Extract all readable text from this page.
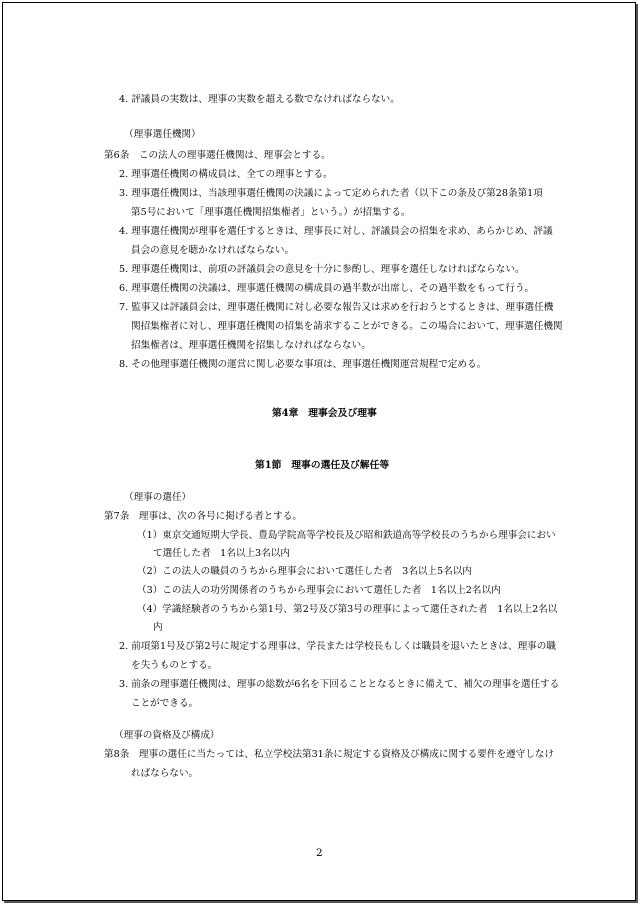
4. 評議員の実数は、理事の実数を超える数でなければならない。

（理事選任機関）

第6条　この法人の理事選任機関は、理事会とする。

2. 理事選任機関の構成員は、全ての理事とする。

3. 理事選任機関は、当該理事選任機関の決議によって定められた者（以下この条及び第28条第1項

第5号において「理事選任機関招集権者」という。）が招集する。

4. 理事選任機関が理事を選任するときは、理事長に対し、評議員会の招集を求め、あらかじめ、評議

員会の意見を聴かなければならない。

5. 理事選任機関は、前項の評議員会の意見を十分に参酌し、理事を選任しなければならない。

6. 理事選任機関の決議は、理事選任機関の構成員の過半数が出席し、その過半数をもって行う。

7. 監事又は評議員会は、理事選任機関に対し必要な報告又は求めを行おうとするときは、理事選任機

関招集権者に対し、理事選任機関の招集を請求することができる。この場合において、理事選任機関

招集権者は、理事選任機関を招集しなければならない。

8. その他理事選任機関の運営に関し必要な事項は、理事選任機関運営規程で定める。

第4章　理事会及び理事

第1節　理事の選任及び解任等

（理事の選任）

第7条　理事は、次の各号に掲げる者とする。

（1）東京交通短期大学長、豊島学院高等学校長及び昭和鉄道高等学校長のうちから理事会におい

て選任した者　1名以上3名以内

（2）この法人の職員のうちから理事会において選任した者　3名以上5名以内

（3）この法人の功労関係者のうちから理事会において選任した者　1名以上2名以内

（4）学識経験者のうちから第1号、第2号及び第3号の理事によって選任された者　1名以上2名以

内

2. 前項第1号及び第2号に規定する理事は、学長または学校長もしくは職員を退いたときは、理事の職

を失うものとする。

3. 前条の理事選任機関は、理事の総数が6名を下回ることとなるときに備えて、補欠の理事を選任する

ことができる。

（理事の資格及び構成）

第8条　理事の選任に当たっては、私立学校法第31条に規定する資格及び構成に関する要件を遵守しなけ

ればならない。

2
